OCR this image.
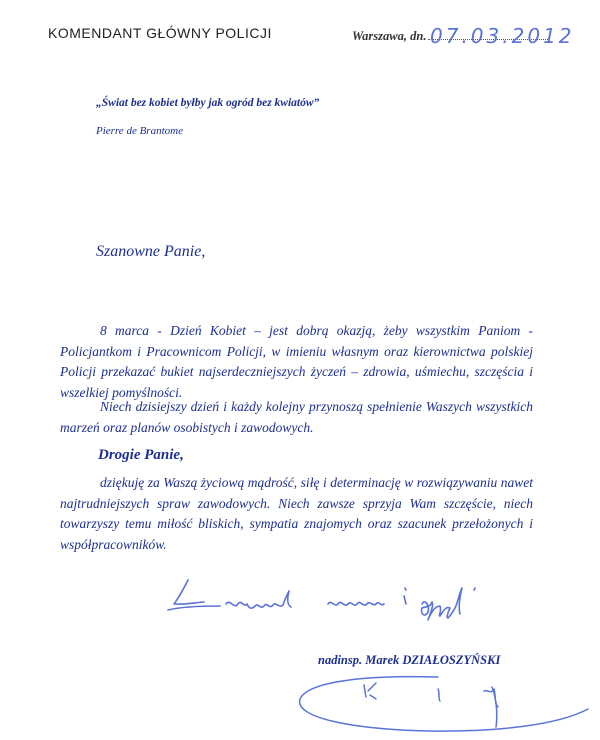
KOMENDANT GŁÓWNY POLICJI	Warszawa, dn. 07.03.2012
„Świat bez kobiet byłby jak ogród bez kwiatów”
Pierre de Brantome
Szanowne Panie,

8 marca - Dzień Kobiet – jest dobrą okazją, żeby wszystkim Paniom - Policjantkom i Pracownicom Policji, w imieniu własnym oraz kierownictwa polskiej Policji przekazać bukiet najserdeczniejszych życzeń – zdrowia, uśmiechu, szczęścia i wszelkiej pomyślności.

Niech dzisiejszy dzień i każdy kolejny przynoszą spełnienie Waszych wszystkich marzeń oraz planów osobistych i zawodowych.

Drogie Panie,

dziękuję za Waszą życiową mądrość, siłę i determinację w rozwiązywaniu nawet najtrudniejszych spraw zawodowych. Niech zawsze sprzyja Wam szczęście, niech towarzyszy temu miłość bliskich, sympatia znajomych oraz szacunek przełożonych i współpracowników.

nadinsp. Marek DZIAŁOSZYŃSKI
